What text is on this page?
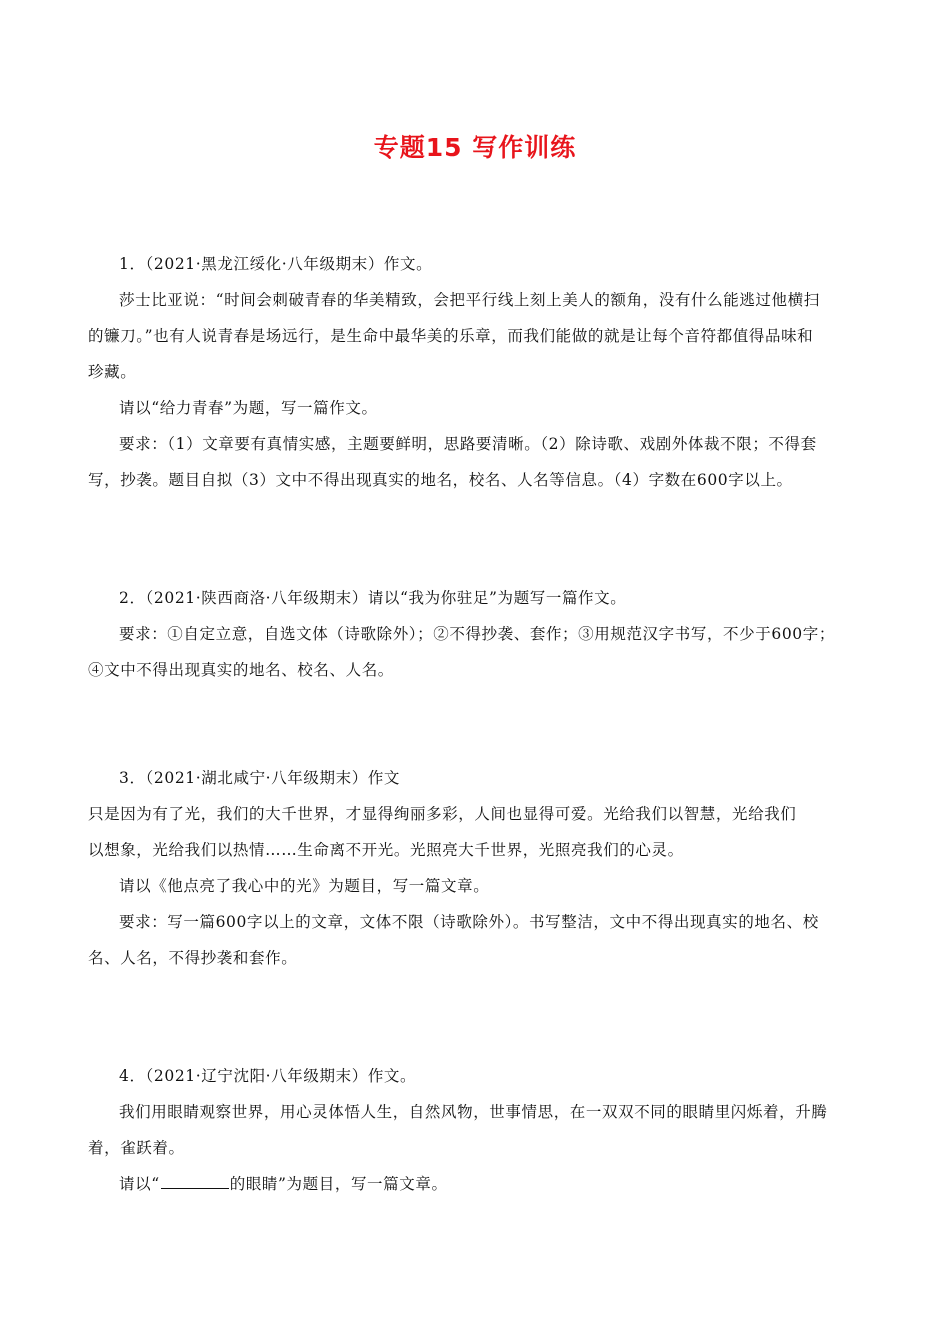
专题15 写作训练
1．（2021·黑龙江绥化·八年级期末）作文。
莎士比亚说：“时间会刺破青春的华美精致，会把平行线上刻上美人的额角，没有什么能逃过他横扫
的镰刀。”也有人说青春是场远行，是生命中最华美的乐章，而我们能做的就是让每个音符都值得品味和
珍藏。
请以“给力青春”为题，写一篇作文。
要求：（1）文章要有真情实感，主题要鲜明，思路要清晰。（2）除诗歌、戏剧外体裁不限；不得套
写，抄袭。题目自拟（3）文中不得出现真实的地名，校名、人名等信息。（4）字数在600字以上。
2．（2021·陕西商洛·八年级期末）请以“我为你驻足”为题写一篇作文。
要求：①自定立意，自选文体（诗歌除外）；②不得抄袭、套作；③用规范汉字书写，不少于600字；
④文中不得出现真实的地名、校名、人名。
3．（2021·湖北咸宁·八年级期末）作文
只是因为有了光，我们的大千世界，才显得绚丽多彩，人间也显得可爱。光给我们以智慧，光给我们
以想象，光给我们以热情……生命离不开光。光照亮大千世界，光照亮我们的心灵。
请以《他点亮了我心中的光》为题目，写一篇文章。
要求：写一篇600字以上的文章，文体不限（诗歌除外）。书写整洁，文中不得出现真实的地名、校
名、人名，不得抄袭和套作。
4．（2021·辽宁沈阳·八年级期末）作文。
我们用眼睛观察世界，用心灵体悟人生，自然风物，世事情思，在一双双不同的眼睛里闪烁着，升腾
着，雀跃着。
请以“	的眼睛”为题目，写一篇文章。
